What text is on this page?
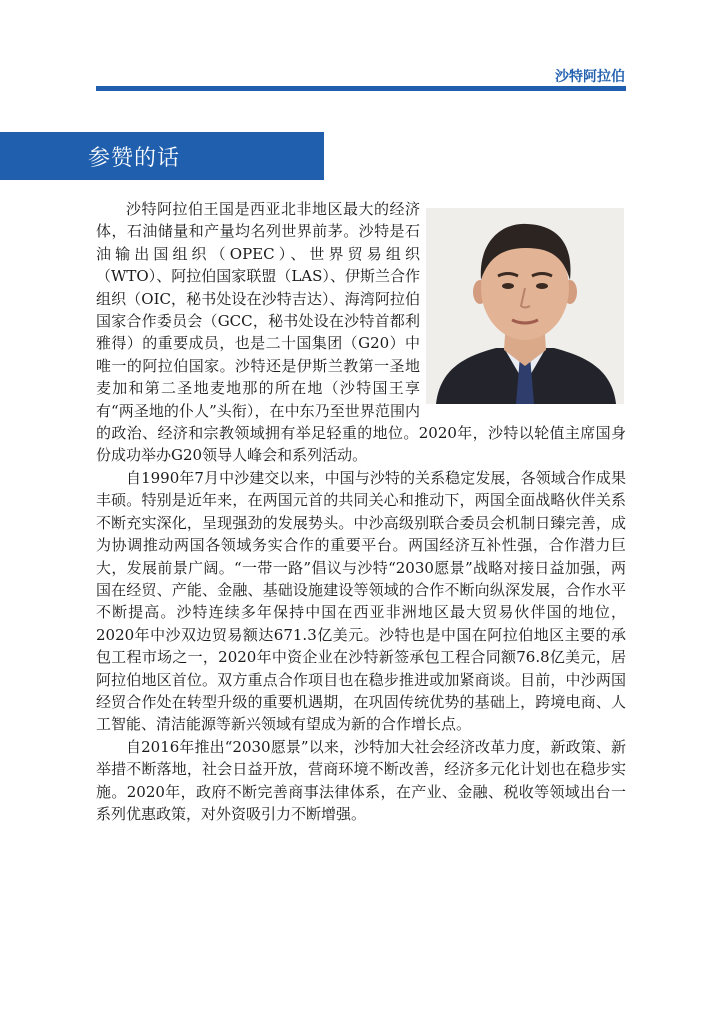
沙特阿拉伯
参赞的话

沙特阿拉伯王国是西亚北非地区最大的经济体，石油储量和产量均名列世界前茅。沙特是石油输出国组织（OPEC）、世界贸易组织（WTO）、阿拉伯国家联盟（LAS）、伊斯兰合作组织（OIC，秘书处设在沙特吉达）、海湾阿拉伯国家合作委员会（GCC，秘书处设在沙特首都利雅得）的重要成员，也是二十国集团（G20）中唯一的阿拉伯国家。沙特还是伊斯兰教第一圣地麦加和第二圣地麦地那的所在地（沙特国王享有“两圣地的仆人”头衔），在中东乃至世界范围内的政治、经济和宗教领域拥有举足轻重的地位。2020年，沙特以轮值主席国身份成功举办G20领导人峰会和系列活动。

自1990年7月中沙建交以来，中国与沙特的关系稳定发展，各领域合作成果丰硕。特别是近年来，在两国元首的共同关心和推动下，两国全面战略伙伴关系不断充实深化，呈现强劲的发展势头。中沙高级别联合委员会机制日臻完善，成为协调推动两国各领域务实合作的重要平台。两国经济互补性强，合作潜力巨大，发展前景广阔。“一带一路”倡议与沙特“2030愿景”战略对接日益加强，两国在经贸、产能、金融、基础设施建设等领域的合作不断向纵深发展，合作水平不断提高。沙特连续多年保持中国在西亚非洲地区最大贸易伙伴国的地位，2020年中沙双边贸易额达671.3亿美元。沙特也是中国在阿拉伯地区主要的承包工程市场之一，2020年中资企业在沙特新签承包工程合同额76.8亿美元，居阿拉伯地区首位。双方重点合作项目也在稳步推进或加紧商谈。目前，中沙两国经贸合作处在转型升级的重要机遇期，在巩固传统优势的基础上，跨境电商、人工智能、清洁能源等新兴领域有望成为新的合作增长点。

自2016年推出“2030愿景”以来，沙特加大社会经济改革力度，新政策、新举措不断落地，社会日益开放，营商环境不断改善，经济多元化计划也在稳步实施。2020年，政府不断完善商事法律体系，在产业、金融、税收等领域出台一系列优惠政策，对外资吸引力不断增强。
